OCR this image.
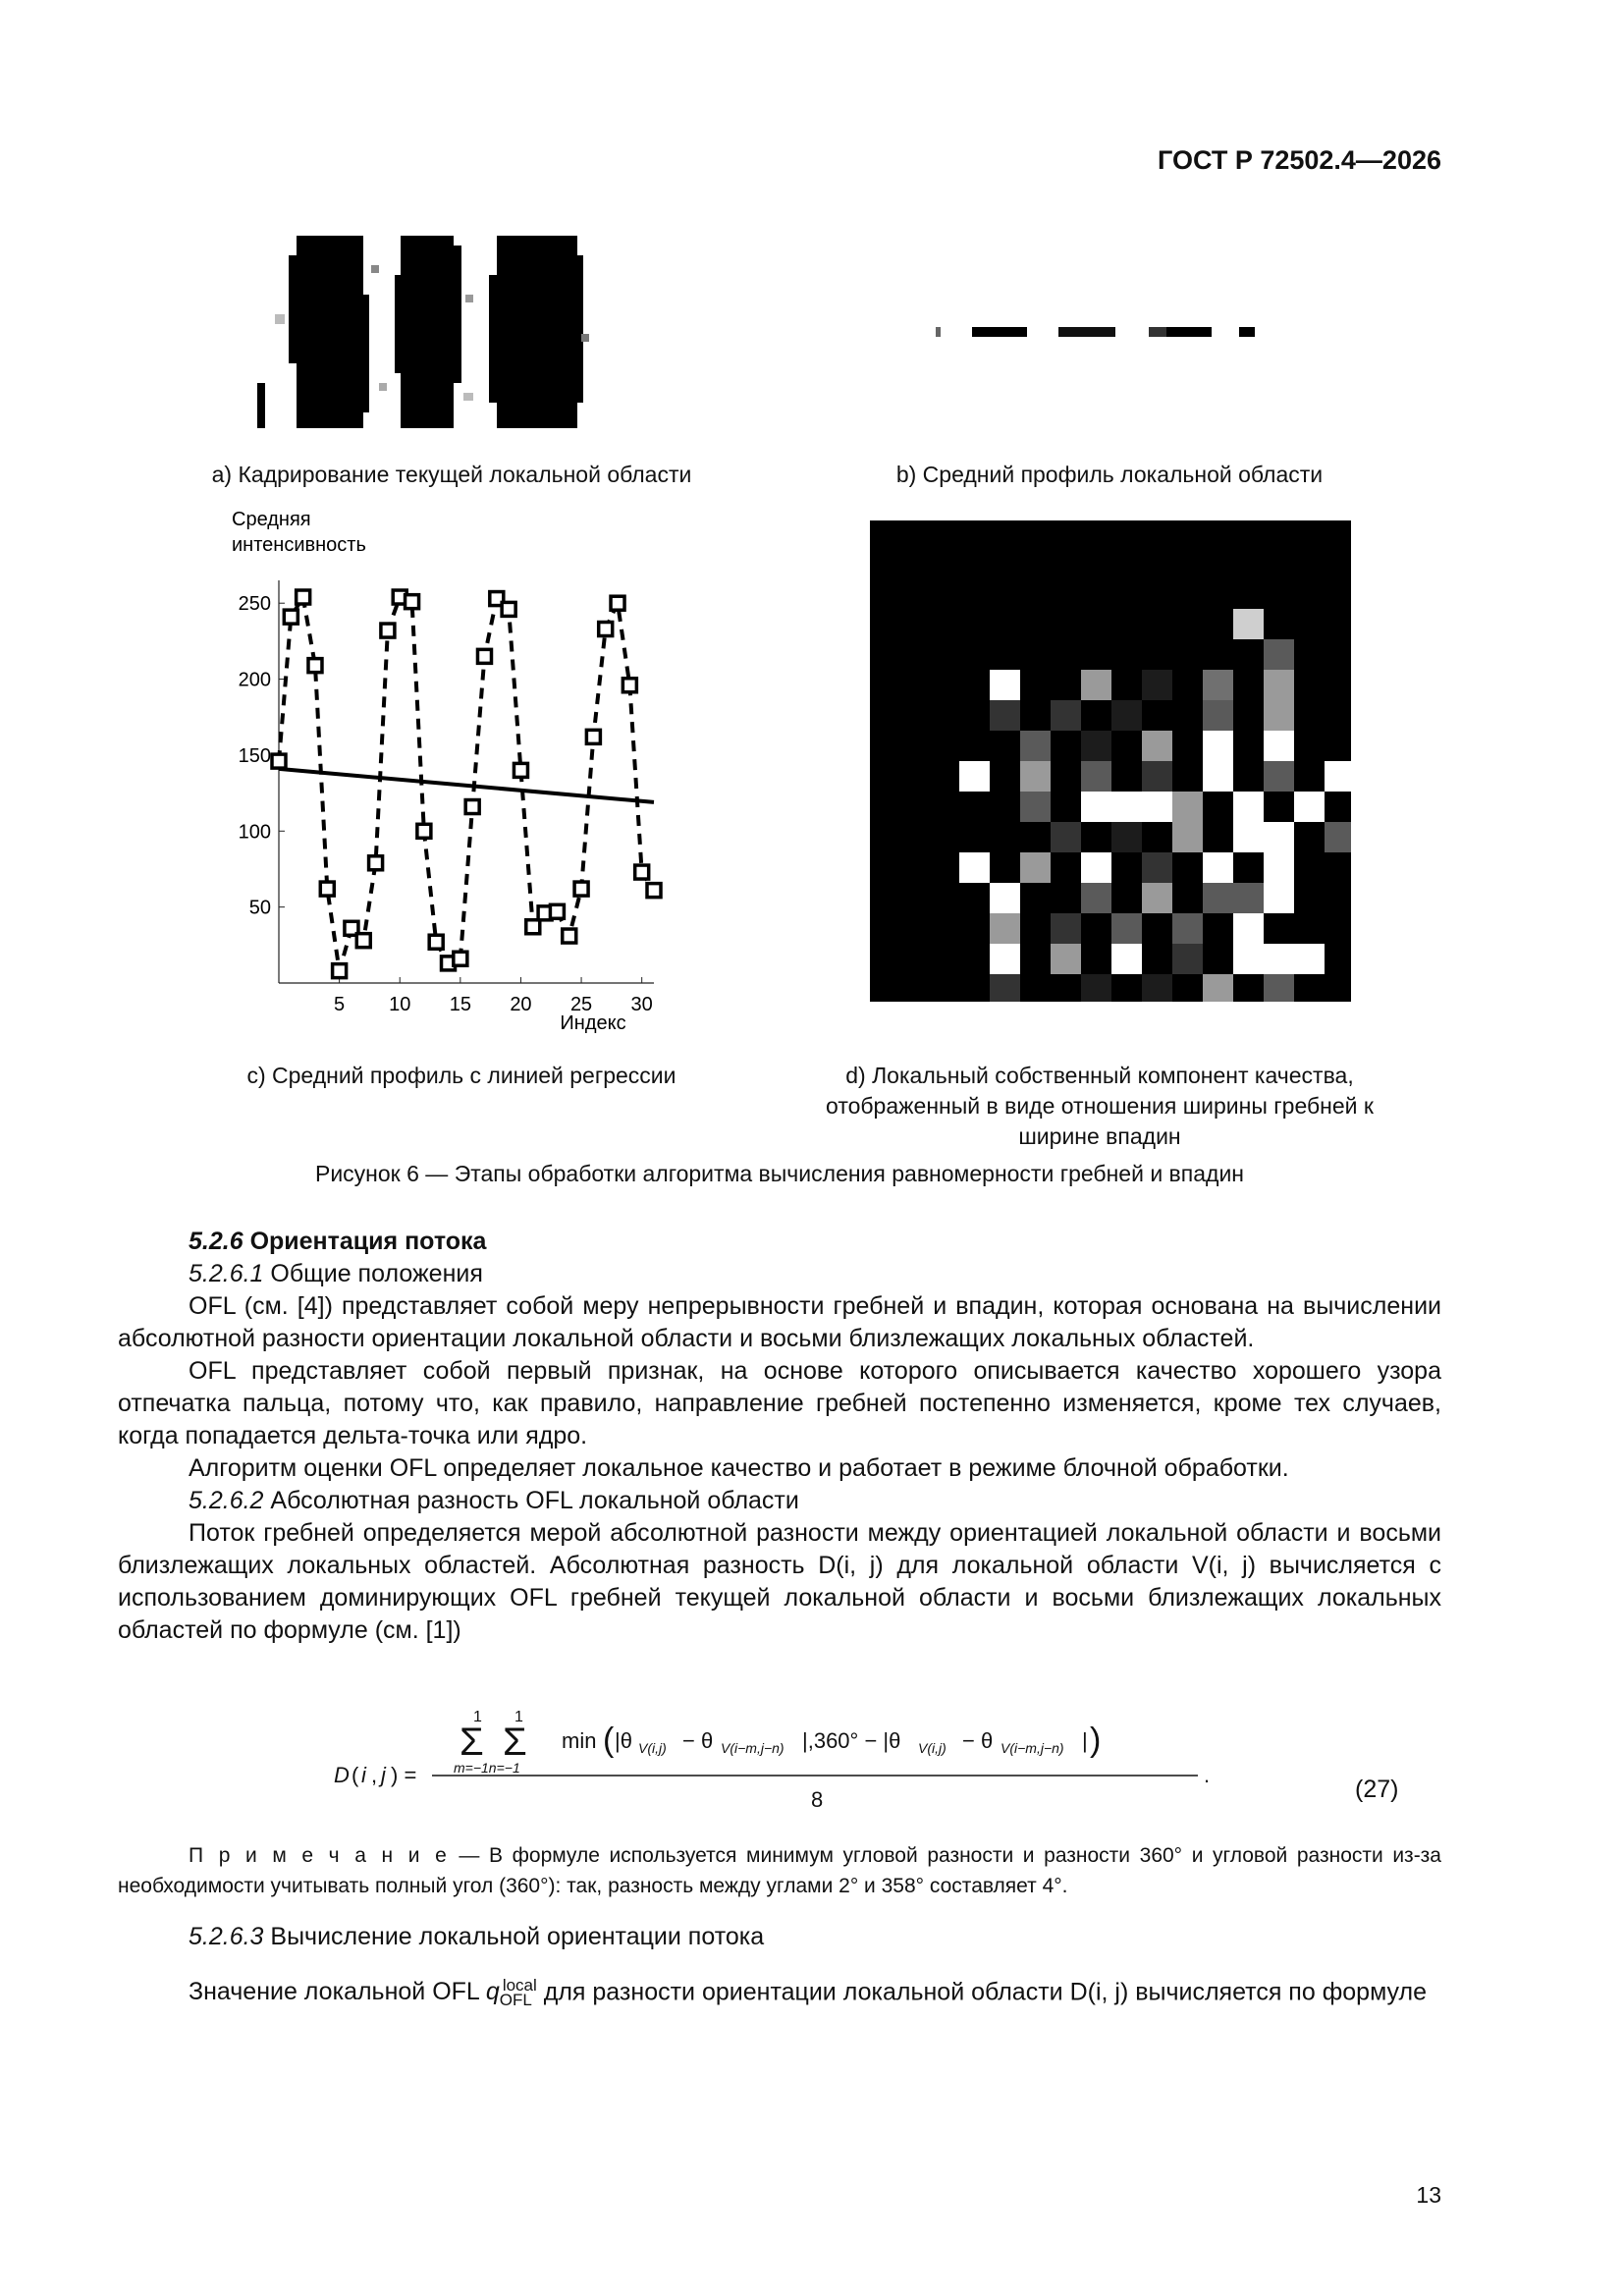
ГОСТ Р 72502.4—2026
a) Кадрирование текущей локальной области	b) Средний профиль локальной области
Средняя
интенсивность
Индекс
5 10 15 20 25 30
50
100
150
200
250
c) Средний профиль с линией регрессии	d) Локальный собственный компонент качества, отображенный в виде отношения ширины гребней к ширине впадин
Рисунок 6 — Этапы обработки алгоритма вычисления равномерности гребней и впадин
5.2.6 Ориентация потока
5.2.6.1 Общие положения
OFL (см. [4]) представляет собой меру непрерывности гребней и впадин, которая основана на вычислении абсолютной разности ориентации локальной области и восьми близлежащих локальных областей.
OFL представляет собой первый признак, на основе которого описывается качество хорошего узора отпечатка пальца, потому что, как правило, направление гребней постепенно изменяется, кроме тех случаев, когда попадается дельта-точка или ядро.
Алгоритм оценки OFL определяет локальное качество и работает в режиме блочной обработки.
5.2.6.2 Абсолютная разность OFL локальной области
Поток гребней определяется мерой абсолютной разности между ориентацией локальной области и восьми близлежащих локальных областей. Абсолютная разность D(i, j) для локальной области V(i, j) вычисляется с использованием доминирующих OFL гребней текущей локальной области и восьми близлежащих локальных областей по формуле (см. [1])
D ( i , j ) =
1
Σ
1
Σ
m=−1n=−1
min ( |θ V(i,j) − θ V(i−m,j−n) |,360° − |θ V(i,j) − θ V(i−m,j−n) | )
8
.
(27)
П р и м е ч а н и е — В формуле используется минимум угловой разности и разности 360° и угловой разности из-за необходимости учитывать полный угол (360°): так, разность между углами 2° и 358° составляет 4°.
5.2.6.3 Вычисление локальной ориентации потока
Значение локальной OFL $q_{OFL}^{local}$ для разности ориентации локальной области D(i, j) вычисляется по формуле
13
